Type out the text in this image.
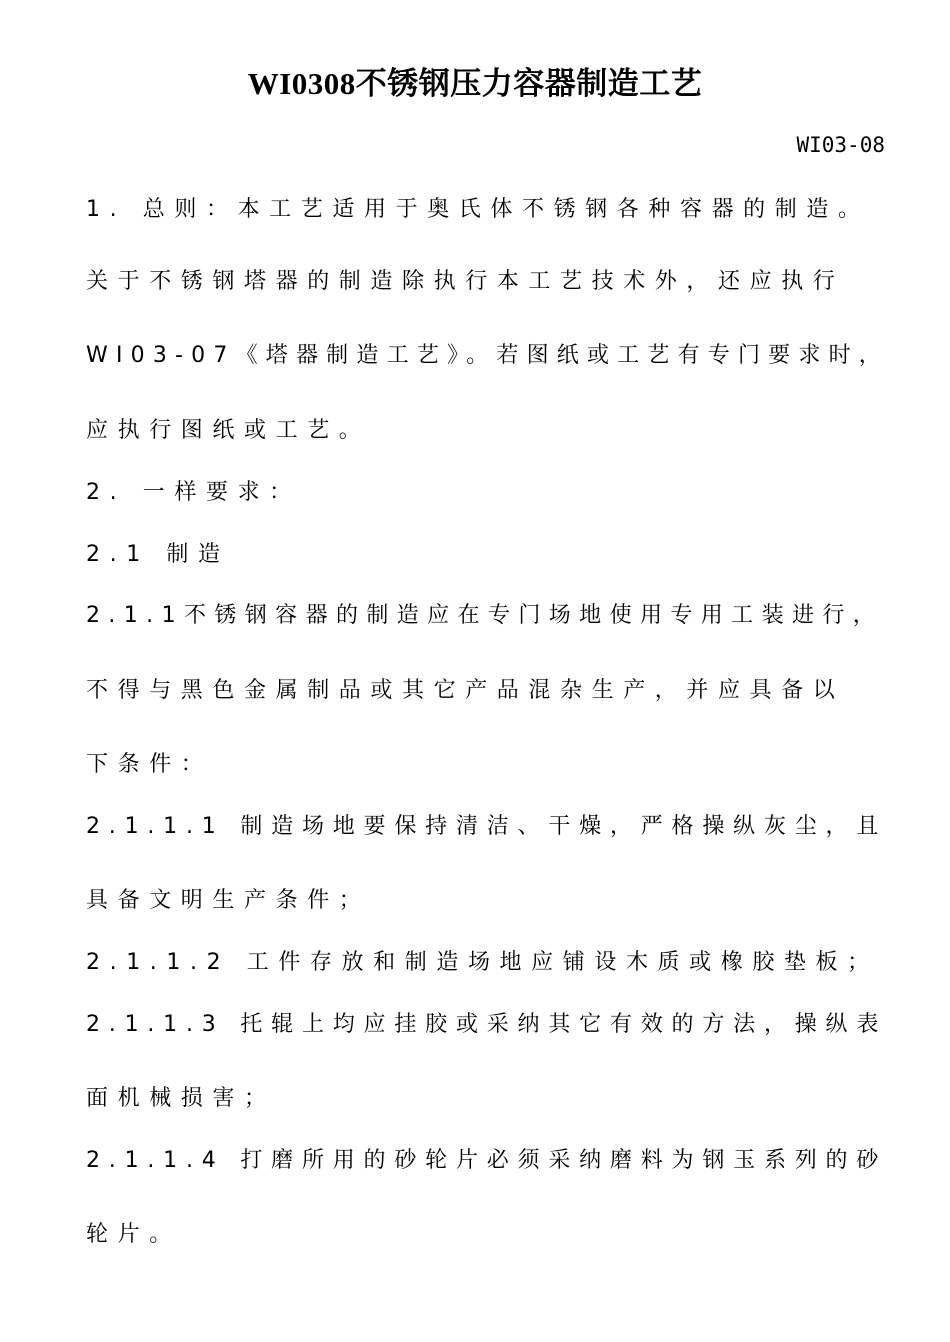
WI0308不锈钢压力容器制造工艺
WI03-08
1. 总则：本工艺适用于奥氏体不锈钢各种容器的制造。
关于不锈钢塔器的制造除执行本工艺技术外，还应执行
WI03-07《塔器制造工艺》。若图纸或工艺有专门要求时，
应执行图纸或工艺。
2. 一样要求：
2.1 制造
2.1.1不锈钢容器的制造应在专门场地使用专用工装进行，
不得与黑色金属制品或其它产品混杂生产，并应具备以
下条件：
2.1.1.1 制造场地要保持清洁、干燥，严格操纵灰尘，且
具备文明生产条件；
2.1.1.2 工件存放和制造场地应铺设木质或橡胶垫板；
2.1.1.3 托辊上均应挂胶或采纳其它有效的方法，操纵表
面机械损害；
2.1.1.4 打磨所用的砂轮片必须采纳磨料为钢玉系列的砂
轮片。
